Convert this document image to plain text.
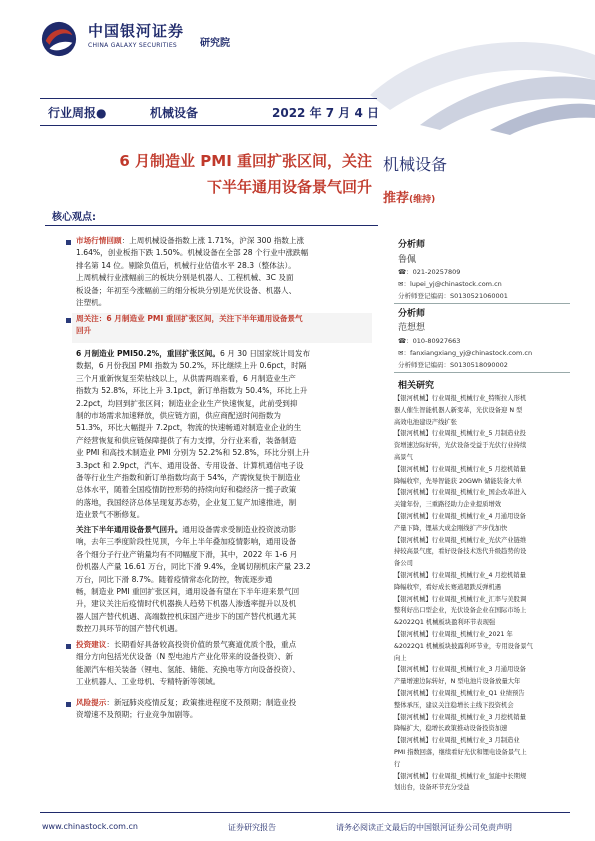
中国银河证券
CHINA GALAXY SECURITIES 研究院
行业周报●	机械设备	2022 年 7 月 4 日
6 月制造业 PMI 重回扩张区间，关注
下半年通用设备景气回升
机械设备
推荐(维持)
核心观点:
市场行情回顾：上周机械设备指数上涨 1.71%，沪深 300 指数上涨
1.64%，创业板指下跌 1.50%。机械设备在全部 28 个行业中涨跌幅
排名第 14 位。剔除负值后，机械行业估值水平 28.3（整体法）。
上周机械行业涨幅前三的板块分别是机器人、工程机械、3C 及面
板设备；年初至今涨幅前三的细分板块分别是光伏设备、机器人、
注塑机。
周关注：6 月制造业 PMI 重回扩张区间，关注下半年通用设备景气
回升
6 月制造业 PMI50.2%，重回扩张区间。6 月 30 日国家统计局发布
数据，6 月份我国 PMI 指数为 50.2%，环比继续上升 0.6pct，时隔
三个月重新恢复至荣枯线以上，从供需两端来看，6 月制造业生产
指数为 52.8%，环比上升 3.1pct，新订单指数为 50.4%，环比上升
2.2pct，均回到扩张区间；制造业企业生产快速恢复，此前受到抑
制的市场需求加速释放，供应链方面，供应商配送时间指数为
51.3%，环比大幅提升 7.2pct，物流的快速畅通对制造业企业的生
产经营恢复和供应链保障提供了有力支撑，分行业来看，装备制造
业 PMI 和高技术制造业 PMI 分别为 52.2%和 52.8%，环比分别上升
3.3pct 和 2.9pct，汽车、通用设备、专用设备、计算机通信电子设
备等行业生产指数和新订单指数均高于 54%，产需恢复快于制造业
总体水平，随着全国疫情防控形势的持续向好和稳经济一揽子政策
的落地，我国经济总体呈现复苏态势，企业复工复产加速推进，制
造业景气不断修复。
关注下半年通用设备景气回升。通用设备需求受制造业投资波动影
响，去年三季度阶段性见顶，今年上半年叠加疫情影响，通用设备
各个细分子行业产销量均有不同幅度下滑，其中，2022 年 1-6 月
份机器人产量 16.61 万台，同比下滑 9.4%，金属切削机床产量 23.2
万台，同比下滑 8.7%。随着疫情常态化防控，物流逐步通
畅，制造业 PMI 重回扩张区间，通用设备有望在下半年迎来景气回
升，建议关注后疫情时代机器换人趋势下机器人渗透率提升以及机
器人国产替代机遇、高端数控机床国产进步下的国产替代机遇尤其
数控刀具环节的国产替代机遇。
投资建议：长期看好具备较高投资价值的景气赛道优质个股，重点
细分方向包括光伏设备（N 型电池片产业化带来的设备投资）、新
能源汽车相关装备（锂电、氢能、储能、充换电等方向设备投资）、
工业机器人、工业母机、专精特新等领域。
风险提示：新冠肺炎疫情反复；政策推进程度不及预期；制造业投
资增速不及预期；行业竞争加剧等。
分析师
鲁佩
☎：021-20257809
✉：lupei_yj@chinastock.com.cn
分析师登记编码：S0130521060001
分析师
范想想
☎：010-80927663
✉：fanxiangxiang_yj@chinastock.com.cn
分析师登记编码：S0130518090002
相关研究
【银河机械】行业周报_机械行业_特斯拉人形机
器人催生智能机器人新变革，光伏设备迎 N 型
高效电池建设产线扩张
【银河机械】行业周报_机械行业_5 月制造业投
资增速边际好转，光伏设备受益于光伏行业持续
高景气
【银河机械】行业周报_机械行业_5 月挖机销量
降幅收窄，先导智能获 20GWh 储能装备大单
【银河机械】行业周报_机械行业_国企改革进入
关键年份，三重路径助力企业提质增效
【银河机械】行业周报_机械行业_4 月通用设备
产量下降，锂基大成金刚线扩产步伐加快
【银河机械】行业周报_机械行业_光伏产业链维
持较高景气度，看好设备技术迭代升级趋势的设
备公司
【银河机械】行业周报_机械行业_4 月挖机销量
降幅收窄，看好成长赛道超跌反弹机遇
【银河机械】行业周报_机械行业_汇率与美股调
整利好出口型企业，光伏设备企业在国际市场上
&2022Q1 机械板块盈利环节表现强
【银河机械】行业周报_机械行业_2021 年
&2022Q1 机械板块披露利环节业，专用设备景气
向上
【银河机械】行业周报_机械行业_3 月通用设备
产量增速边际转好，N 型电池片设备放量大年
【银河机械】行业周报_机械行业_Q1 业绩预告
整体承压，建议关注稳增长主线下投资机会
【银河机械】行业周报_机械行业_3 月挖机销量
降幅扩大，稳增长政策推动设备投资加速
【银河机械】行业周报_机械行业_3 月制造业
PMI 指数回落，继续看好光伏和锂电设备景气上
行
【银河机械】行业周报_机械行业_氢能中长期规
划出台，设备环节充分受益
www.chinastock.com.cn	证券研究报告	请务必阅读正文最后的中国银河证券公司免责声明
